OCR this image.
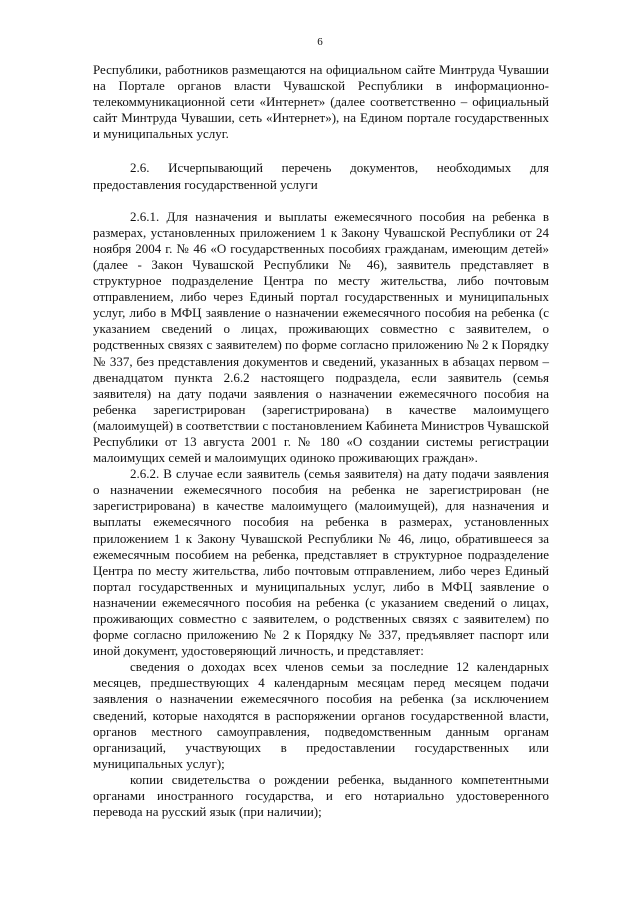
6

Республики, работников размещаются на официальном сайте Минтруда Чувашии на Портале органов власти Чувашской Республики в информационно-телекоммуникационной сети «Интернет» (далее соответственно – официальный сайт Минтруда Чувашии, сеть «Интернет»), на Едином портале государственных и муниципальных услуг.

2.6. Исчерпывающий перечень документов, необходимых для предоставления государственной услуги

2.6.1. Для назначения и выплаты ежемесячного пособия на ребенка в размерах, установленных приложением 1 к Закону Чувашской Республики от 24 ноября 2004 г. № 46 «О государственных пособиях гражданам, имеющим детей» (далее - Закон Чувашской Республики № 46), заявитель представляет в структурное подразделение Центра по месту жительства, либо почтовым отправлением, либо через Единый портал государственных и муниципальных услуг, либо в МФЦ заявление о назначении ежемесячного пособия на ребенка (с указанием сведений о лицах, проживающих совместно с заявителем, о родственных связях с заявителем) по форме согласно приложению № 2 к Порядку № 337, без представления документов и сведений, указанных в абзацах первом – двенадцатом пункта 2.6.2 настоящего подраздела, если заявитель (семья заявителя) на дату подачи заявления о назначении ежемесячного пособия на ребенка зарегистрирован (зарегистрирована) в качестве малоимущего (малоимущей) в соответствии с постановлением Кабинета Министров Чувашской Республики от 13 августа 2001 г. № 180 «О создании системы регистрации малоимущих семей и малоимущих одиноко проживающих граждан».

2.6.2. В случае если заявитель (семья заявителя) на дату подачи заявления о назначении ежемесячного пособия на ребенка не зарегистрирован (не зарегистрирована) в качестве малоимущего (малоимущей), для назначения и выплаты ежемесячного пособия на ребенка в размерах, установленных приложением 1 к Закону Чувашской Республики № 46, лицо, обратившееся за ежемесячным пособием на ребенка, представляет в структурное подразделение Центра по месту жительства, либо почтовым отправлением, либо через Единый портал государственных и муниципальных услуг, либо в МФЦ заявление о назначении ежемесячного пособия на ребенка (с указанием сведений о лицах, проживающих совместно с заявителем, о родственных связях с заявителем) по форме согласно приложению № 2 к Порядку № 337, предъявляет паспорт или иной документ, удостоверяющий личность, и представляет:

сведения о доходах всех членов семьи за последние 12 календарных месяцев, предшествующих 4 календарным месяцам перед месяцем подачи заявления о назначении ежемесячного пособия на ребенка (за исключением сведений, которые находятся в распоряжении органов государственной власти, органов местного самоуправления, подведомственным данным органам организаций, участвующих в предоставлении государственных или муниципальных услуг);

копии свидетельства о рождении ребенка, выданного компетентными органами иностранного государства, и его нотариально удостоверенного перевода на русский язык (при наличии);
